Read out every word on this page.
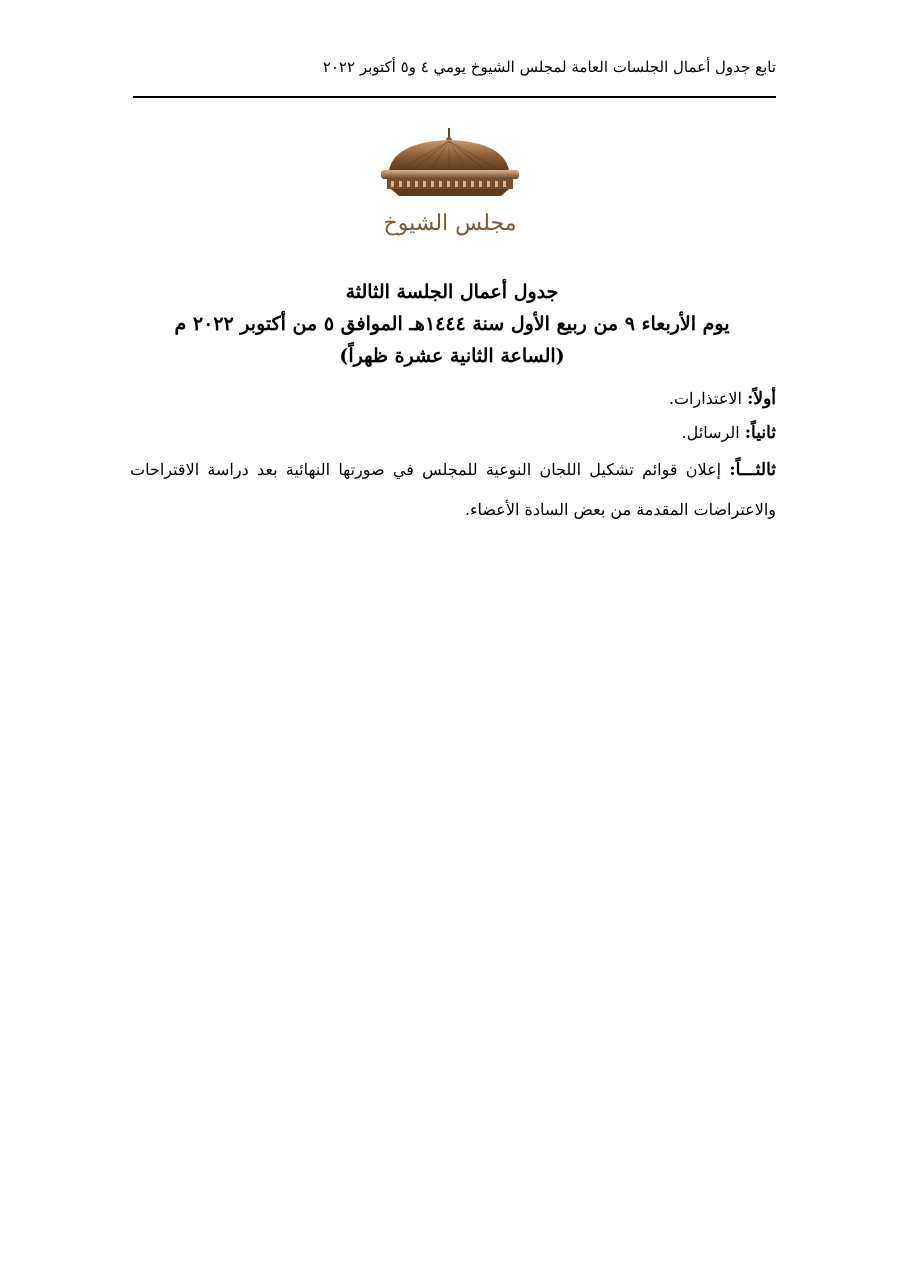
تابع جدول أعمال الجلسات العامة لمجلس الشيوخ يومي ٤ و٥ أكتوبر ٢٠٢٢
مجلس الشيوخ
جدول أعمال الجلسة الثالثة
يوم الأربعاء ٩ من ربيع الأول سنة ١٤٤٤هـ الموافق ٥ من أكتوبر ٢٠٢٢ م
(الساعة الثانية عشرة ظهراً)
أولاً: الاعتذارات.
ثانياً: الرسائل.
ثالثـــاً: إعلان قوائم تشكيل اللجان النوعية للمجلس في صورتها النهائية بعد دراسة الاقتراحات والاعتراضات المقدمة من بعض السادة الأعضاء.
